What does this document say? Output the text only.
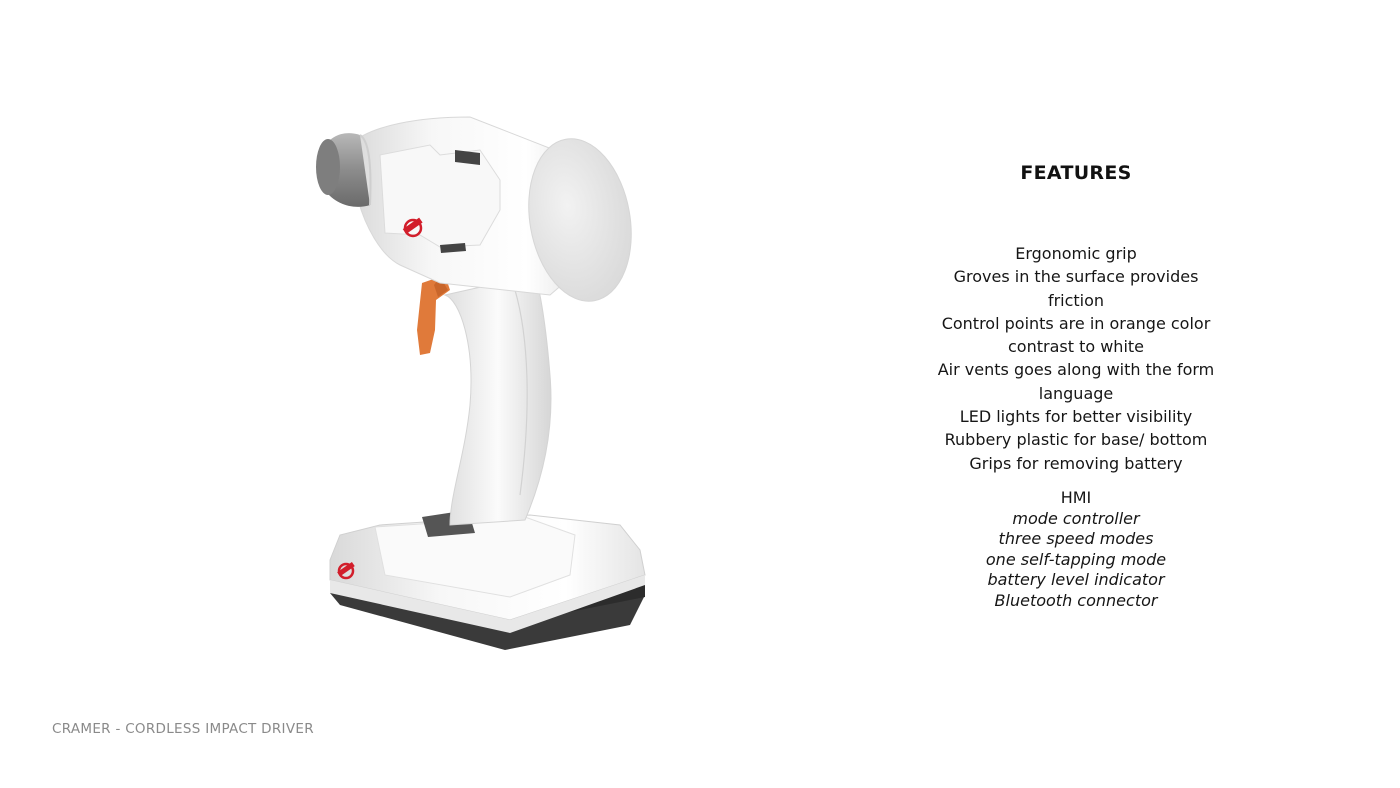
FEATURES
Ergonomic grip
Groves in the surface provides
friction
Control points are in orange color
contrast to white
Air vents goes along with the form
language
LED lights for better visibility
Rubbery plastic for base/ bottom
Grips for removing battery
HMI
mode controller
three speed modes
one self-tapping mode
battery level indicator
Bluetooth connector
CRAMER - CORDLESS IMPACT DRIVER
